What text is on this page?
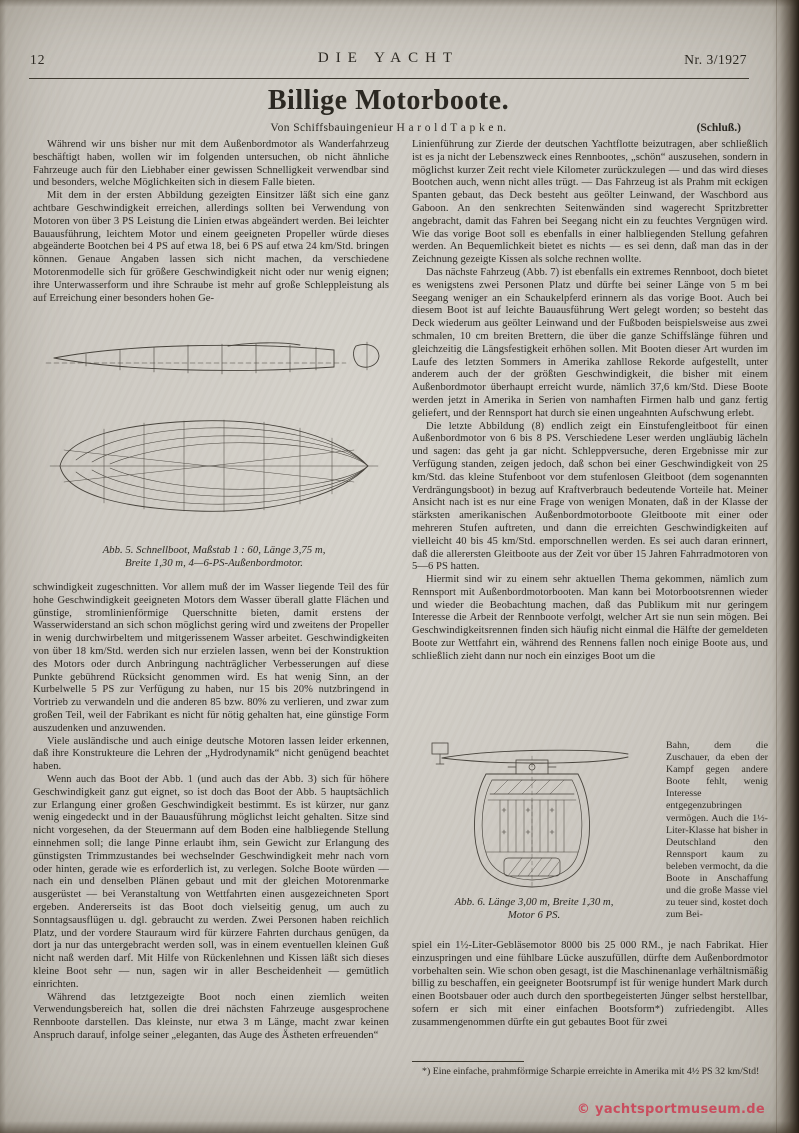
12	DIE YACHT	Nr. 3/1927
Billige Motorboote.
Von Schiffsbauingenieur H a r o l d T a p k e n.	(Schluß.)

Während wir uns bisher nur mit dem Außenbordmotor als Wanderfahrzeug beschäftigt haben, wollen wir im folgenden untersuchen, ob nicht ähnliche Fahrzeuge auch für den Liebhaber einer gewissen Schnelligkeit verwendbar sind und besonders, welche Möglichkeiten sich in diesem Falle bieten.

Mit dem in der ersten Abbildung gezeigten Einsitzer läßt sich eine ganz achtbare Geschwindigkeit erreichen, allerdings sollten bei Verwendung von Motoren von über 3 PS Leistung die Linien etwas abgeändert werden. Bei leichter Bauausführung, leichtem Motor und einem geeigneten Propeller würde dieses abgeänderte Bootchen bei 4 PS auf etwa 18, bei 6 PS auf etwa 24 km/Std. bringen können. Genaue Angaben lassen sich nicht machen, da verschiedene Motorenmodelle sich für größere Geschwindigkeit nicht oder nur wenig eignen; ihre Unterwasserform und ihre Schraube ist mehr auf große Schleppleistung als auf Erreichung einer besonders hohen Ge-

Abb. 5. Schnellboot, Maßstab 1 : 60, Länge 3,75 m,
Breite 1,30 m, 4—6-PS-Außenbordmotor.

schwindigkeit zugeschnitten. Vor allem muß der im Wasser liegende Teil des für hohe Geschwindigkeit geeigneten Motors dem Wasser überall glatte Flächen und günstige, stromlinienförmige Querschnitte bieten, damit erstens der Wasserwiderstand an sich schon möglichst gering wird und zweitens der Propeller in wenig durchwirbeltem und mitgerissenem Wasser arbeitet. Geschwindigkeiten von über 18 km/Std. werden sich nur erzielen lassen, wenn bei der Konstruktion des Motors oder durch Anbringung nachträglicher Verbesserungen auf diese Punkte gebührend Rücksicht genommen wird. Es hat wenig Sinn, an der Kurbelwelle 5 PS zur Verfügung zu haben, nur 15 bis 20% nutzbringend in Vortrieb zu verwandeln und die anderen 85 bzw. 80% zu verlieren, und zwar zum großen Teil, weil der Fabrikant es nicht für nötig gehalten hat, eine günstige Form auszudenken und anzuwenden.

Viele ausländische und auch einige deutsche Motoren lassen leider erkennen, daß ihre Konstrukteure die Lehren der „Hydrodynamik“ nicht genügend beachtet haben.

Wenn auch das Boot der Abb. 1 (und auch das der Abb. 3) sich für höhere Geschwindigkeit ganz gut eignet, so ist doch das Boot der Abb. 5 hauptsächlich zur Erlangung einer großen Geschwindigkeit bestimmt. Es ist kürzer, nur ganz wenig eingedeckt und in der Bauausführung möglichst leicht gehalten. Sitze sind nicht vorgesehen, da der Steuermann auf dem Boden eine halbliegende Stellung einnehmen soll; die lange Pinne erlaubt ihm, sein Gewicht zur Erlangung des günstigsten Trimmzustandes bei wechselnder Geschwindigkeit mehr nach vorn oder hinten, gerade wie es erforderlich ist, zu verlegen. Solche Boote würden — nach ein und denselben Plänen gebaut und mit der gleichen Motorenmarke ausgerüstet — bei Veranstaltung von Wettfahrten einen ausgezeichneten Sport ergeben. Andererseits ist das Boot doch vielseitig genug, um auch zu Sonntagsausflügen u. dgl. gebraucht zu werden. Zwei Personen haben reichlich Platz, und der vordere Stauraum wird für kürzere Fahrten durchaus genügen, da dort ja nur das untergebracht werden soll, was in einem eventuellen kleinen Guß nicht naß werden darf. Mit Hilfe von Rückenlehnen und Kissen läßt sich dieses kleine Boot sehr — nun, sagen wir in aller Bescheidenheit — gemütlich einrichten.

Während das letztgezeigte Boot noch einen ziemlich weiten Verwendungsbereich hat, sollen die drei nächsten Fahrzeuge ausgesprochene Rennboote darstellen. Das kleinste, nur etwa 3 m Länge, macht zwar keinen Anspruch darauf, infolge seiner „eleganten, das Auge des Ästheten erfreuenden“

Linienführung zur Zierde der deutschen Yachtflotte beizutragen, aber schließlich ist es ja nicht der Lebenszweck eines Rennbootes, „schön“ auszusehen, sondern in möglichst kurzer Zeit recht viele Kilometer zurückzulegen — und das wird dieses Bootchen auch, wenn nicht alles trügt. — Das Fahrzeug ist als Prahm mit eckigen Spanten gebaut, das Deck besteht aus geölter Leinwand, der Waschbord aus Gaboon. An den senkrechten Seitenwänden sind wagerecht Spritzbretter angebracht, damit das Fahren bei Seegang nicht ein zu feuchtes Vergnügen wird. Wie das vorige Boot soll es ebenfalls in einer halbliegenden Stellung gefahren werden. An Bequemlichkeit bietet es nichts — es sei denn, daß man das in der Zeichnung gezeigte Kissen als solche rechnen wollte.

Das nächste Fahrzeug (Abb. 7) ist ebenfalls ein extremes Rennboot, doch bietet es wenigstens zwei Personen Platz und dürfte bei seiner Länge von 5 m bei Seegang weniger an ein Schaukelpferd erinnern als das vorige Boot. Auch bei diesem Boot ist auf leichte Bauausführung Wert gelegt worden; so besteht das Deck wiederum aus geölter Leinwand und der Fußboden beispielsweise aus zwei schmalen, 10 cm breiten Brettern, die über die ganze Schiffslänge führen und gleichzeitig die Längsfestigkeit erhöhen sollen. Mit Booten dieser Art wurden im Laufe des letzten Sommers in Amerika zahllose Rekorde aufgestellt, unter anderem auch der der größten Geschwindigkeit, die bisher mit einem Außenbordmotor überhaupt erreicht wurde, nämlich 37,6 km/Std. Diese Boote werden jetzt in Amerika in Serien von namhaften Firmen halb und ganz fertig geliefert, und der Rennsport hat durch sie einen ungeahnten Aufschwung erlebt.

Die letzte Abbildung (8) endlich zeigt ein Einstufengleitboot für einen Außenbordmotor von 6 bis 8 PS. Verschiedene Leser werden ungläubig lächeln und sagen: das geht ja gar nicht. Schleppversuche, deren Ergebnisse mir zur Verfügung standen, zeigen jedoch, daß schon bei einer Geschwindigkeit von 25 km/Std. das kleine Stufenboot vor dem stufenlosen Gleitboot (dem sogenannten Verdrängungsboot) in bezug auf Kraftverbrauch bedeutende Vorteile hat. Meiner Ansicht nach ist es nur eine Frage von wenigen Monaten, daß in der Klasse der stärksten amerikanischen Außenbordmotorboote Gleitboote mit einer oder mehreren Stufen auftreten, und dann die erreichten Geschwindigkeiten auf vielleicht 40 bis 45 km/Std. emporschnellen werden. Es sei auch daran erinnert, daß die allerersten Gleitboote aus der Zeit vor über 15 Jahren Fahrradmotoren von 5—6 PS hatten.

Hiermit sind wir zu einem sehr aktuellen Thema gekommen, nämlich zum Rennsport mit Außenbordmotorbooten. Man kann bei Motorbootsrennen wieder und wieder die Beobachtung machen, daß das Publikum mit nur geringem Interesse die Arbeit der Rennboote verfolgt, welcher Art sie nun sein mögen. Bei Geschwindigkeitsrennen finden sich häufig nicht einmal die Hälfte der gemeldeten Boote zur Wettfahrt ein, während des Rennens fallen noch einige Boote aus, und schließlich zieht dann nur noch ein einziges Boot um die

Abb. 6. Länge 3,00 m, Breite 1,30 m,
Motor 6 PS.

Bahn, dem die Zuschauer, da eben der Kampf gegen andere Boote fehlt, wenig Interesse entgegenzubringen vermögen. Auch die 1½-Liter-Klasse hat bisher in Deutschland den Rennsport kaum zu beleben vermocht, da die Boote in Anschaffung und die große Masse viel zu teuer sind, kostet doch zum Bei-

spiel ein 1½-Liter-Gebläsemotor 8000 bis 25 000 RM., je nach Fabrikat. Hier einzuspringen und eine fühlbare Lücke auszufüllen, dürfte dem Außenbordmotor vorbehalten sein. Wie schon oben gesagt, ist die Maschinenanlage verhältnismäßig billig zu beschaffen, ein geeigneter Bootsrumpf ist für wenige hundert Mark durch einen Bootsbauer oder auch durch den sportbegeisterten Jünger selbst herstellbar, sofern er sich mit einer einfachen Bootsform*) zufriedengibt. Alles zusammengenommen dürfte ein gut gebautes Boot für zwei

*) Eine einfache, prahmförmige Scharpie erreichte in Amerika mit 4½ PS 32 km/Std!

© yachtsportmuseum.de
